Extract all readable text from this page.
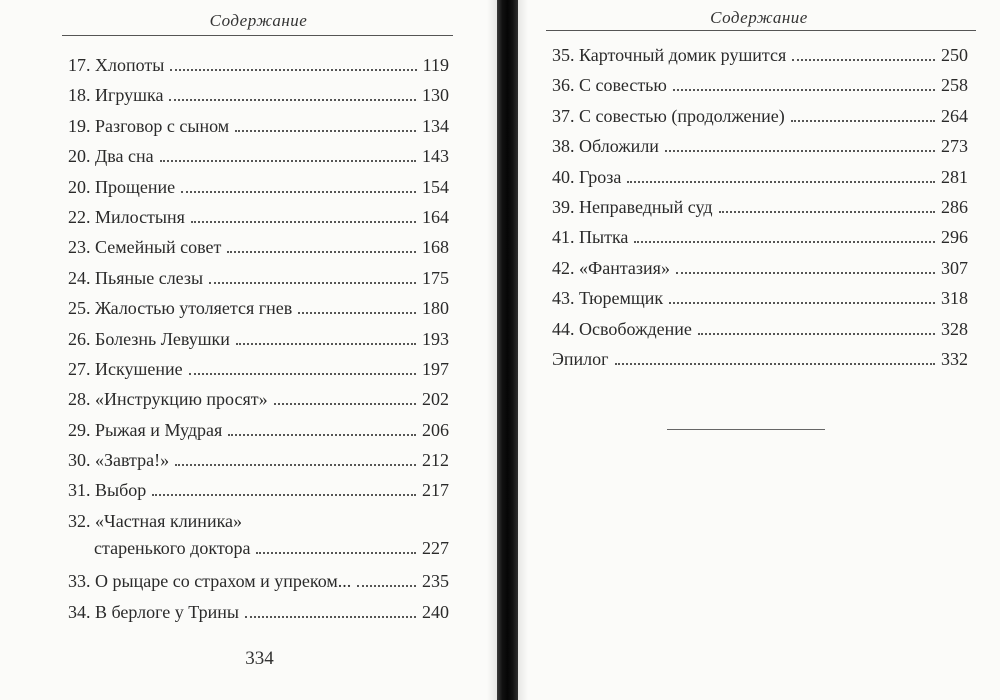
Содержание
17. Хлопоты	119
18. Игрушка	130
19. Разговор с сыном	134
20. Два сна	143
20. Прощение	154
22. Милостыня	164
23. Семейный совет	168
24. Пьяные слезы	175
25. Жалостью утоляется гнев	180
26. Болезнь Левушки	193
27. Искушение	197
28. «Инструкцию просят»	202
29. Рыжая и Мудрая	206
30. «Завтра!»	212
31. Выбор	217
32. «Частная клиника»
старенького доктора	227
33. О рыцаре со страхом и упреком...	235
34. В берлоге у Трины	240
334
Содержание
35. Карточный домик рушится	250
36. С совестью	258
37. С совестью (продолжение)	264
38. Обложили	273
40. Гроза	281
39. Неправедный суд	286
41. Пытка	296
42. «Фантазия»	307
43. Тюремщик	318
44. Освобождение	328
Эпилог	332
